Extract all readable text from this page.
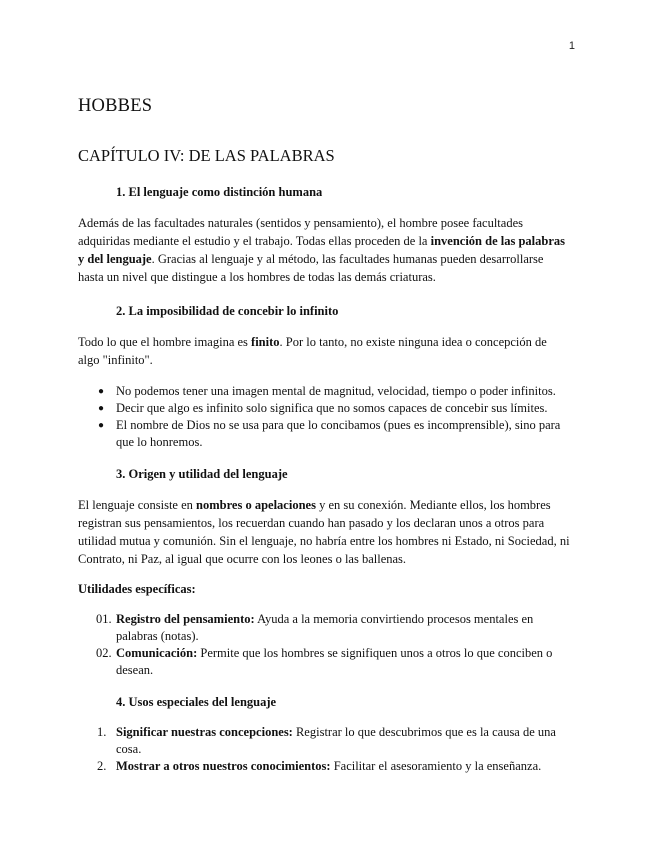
1
HOBBES
CAPÍTULO IV: DE LAS PALABRAS
1. El lenguaje como distinción humana

Además de las facultades naturales (sentidos y pensamiento), el hombre posee facultades adquiridas mediante el estudio y el trabajo. Todas ellas proceden de la invención de las palabras y del lenguaje. Gracias al lenguaje y al método, las facultades humanas pueden desarrollarse hasta un nivel que distingue a los hombres de todas las demás criaturas.

2. La imposibilidad de concebir lo infinito

Todo lo que el hombre imagina es finito. Por lo tanto, no existe ninguna idea o concepción de algo "infinito".

● No podemos tener una imagen mental de magnitud, velocidad, tiempo o poder infinitos.
● Decir que algo es infinito solo significa que no somos capaces de concebir sus límites.
● El nombre de Dios no se usa para que lo concibamos (pues es incomprensible), sino para que lo honremos.
3. Origen y utilidad del lenguaje

El lenguaje consiste en nombres o apelaciones y en su conexión. Mediante ellos, los hombres registran sus pensamientos, los recuerdan cuando han pasado y los declaran unos a otros para utilidad mutua y comunión. Sin el lenguaje, no habría entre los hombres ni Estado, ni Sociedad, ni Contrato, ni Paz, al igual que ocurre con los leones o las ballenas.

Utilidades específicas:

01. Registro del pensamiento: Ayuda a la memoria convirtiendo procesos mentales en palabras (notas).
02. Comunicación: Permite que los hombres se signifiquen unos a otros lo que conciben o desean.
4. Usos especiales del lenguaje
1. Significar nuestras concepciones: Registrar lo que descubrimos que es la causa de una cosa.
2. Mostrar a otros nuestros conocimientos: Facilitar el asesoramiento y la enseñanza.
